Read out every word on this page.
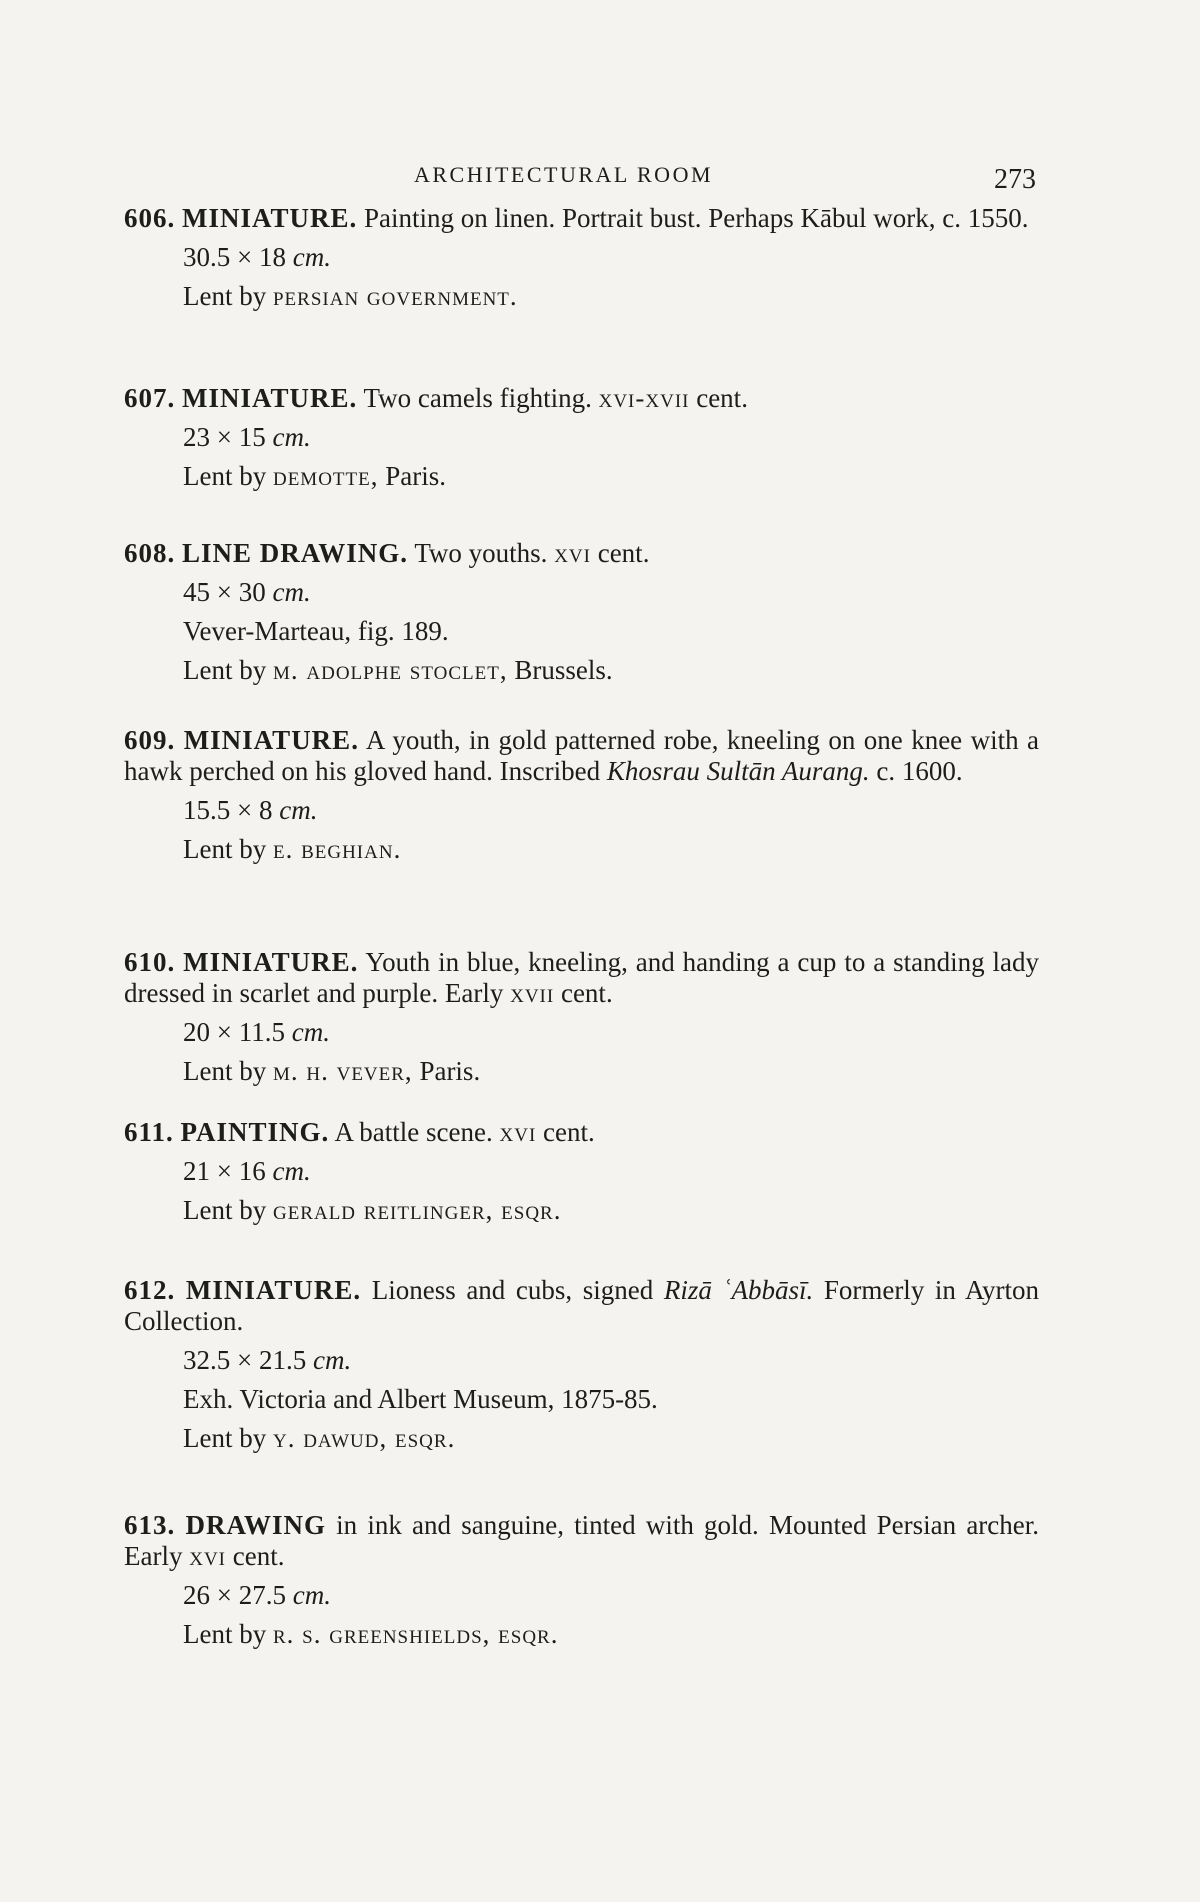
ARCHITECTURAL ROOM	273
606. MINIATURE. Painting on linen. Portrait bust. Perhaps Kābul work, c. 1550.
30.5 × 18 cm.
Lent by persian government.
607. MINIATURE. Two camels fighting. xvi-xvii cent.
23 × 15 cm.
Lent by demotte, Paris.
608. LINE DRAWING. Two youths. xvi cent.
45 × 30 cm.
Vever-Marteau, fig. 189.
Lent by m. adolphe stoclet, Brussels.
609. MINIATURE. A youth, in gold patterned robe, kneeling on one knee with a hawk perched on his gloved hand. Inscribed Khosrau Sultān Aurang. c. 1600.
15.5 × 8 cm.
Lent by e. beghian.
610. MINIATURE. Youth in blue, kneeling, and handing a cup to a standing lady dressed in scarlet and purple. Early xvii cent.
20 × 11.5 cm.
Lent by m. h. vever, Paris.
611. PAINTING. A battle scene. xvi cent.
21 × 16 cm.
Lent by gerald reitlinger, esqr.
612. MINIATURE. Lioness and cubs, signed Rizā ʿAbbāsī. Formerly in Ayrton Collection.
32.5 × 21.5 cm.
Exh. Victoria and Albert Museum, 1875-85.
Lent by y. dawud, esqr.
613. DRAWING in ink and sanguine, tinted with gold. Mounted Persian archer. Early xvi cent.
26 × 27.5 cm.
Lent by r. s. greenshields, esqr.
